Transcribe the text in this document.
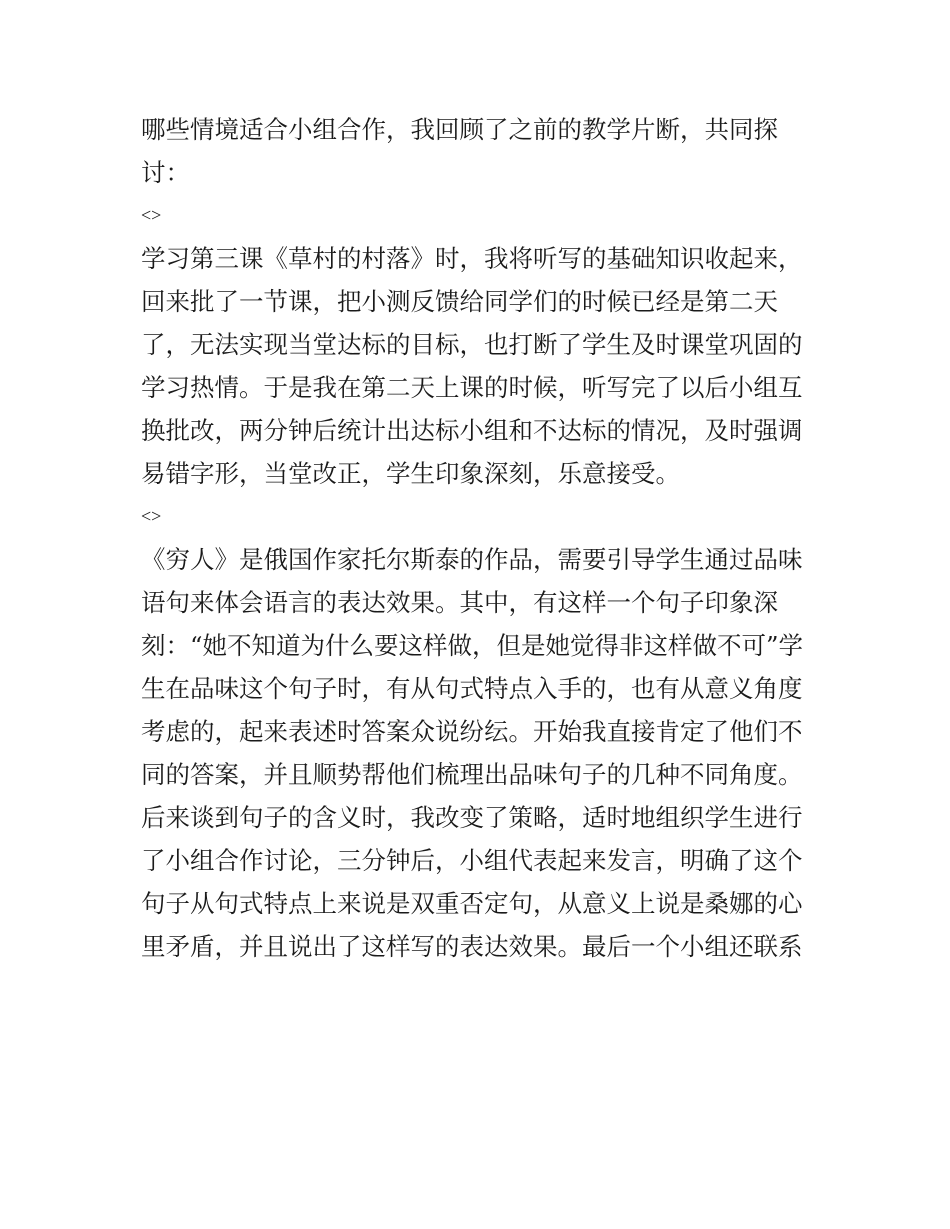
哪些情境适合小组合作，我回顾了之前的教学片断，共同探讨：

<>

学习第三课《草村的村落》时，我将听写的基础知识收起来，回来批了一节课，把小测反馈给同学们的时候已经是第二天了，无法实现当堂达标的目标，也打断了学生及时课堂巩固的学习热情。于是我在第二天上课的时候，听写完了以后小组互换批改，两分钟后统计出达标小组和不达标的情况，及时强调易错字形，当堂改正，学生印象深刻，乐意接受。

<>

《穷人》是俄国作家托尔斯泰的作品，需要引导学生通过品味语句来体会语言的表达效果。其中，有这样一个句子印象深刻：“她不知道为什么要这样做，但是她觉得非这样做不可”学生在品味这个句子时，有从句式特点入手的，也有从意义角度考虑的，起来表述时答案众说纷纭。开始我直接肯定了他们不同的答案，并且顺势帮他们梳理出品味句子的几种不同角度。后来谈到句子的含义时，我改变了策略，适时地组织学生进行了小组合作讨论，三分钟后，小组代表起来发言，明确了这个句子从句式特点上来说是双重否定句，从意义上说是桑娜的心里矛盾，并且说出了这样写的表达效果。最后一个小组还联系
